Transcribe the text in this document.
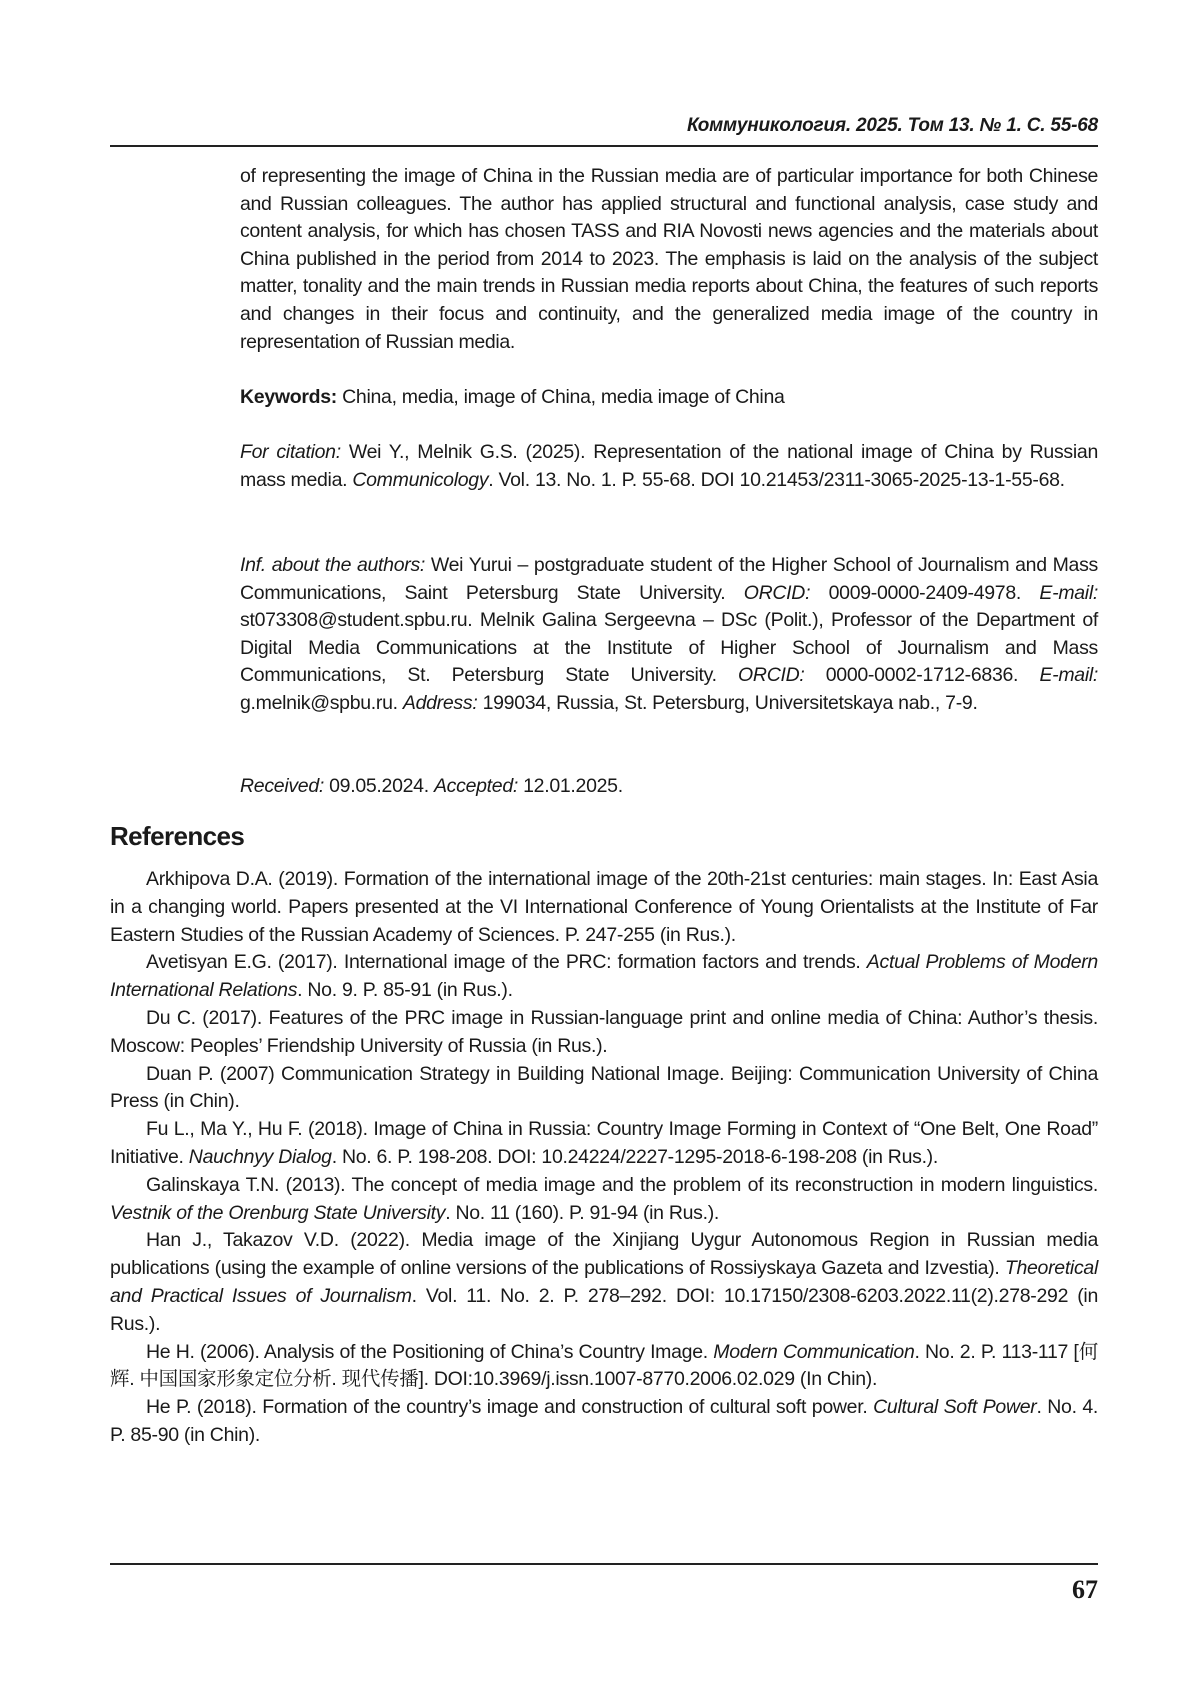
Коммуникология. 2025. Том 13. № 1. С. 55-68

of representing the image of China in the Russian media are of particular importance for both Chinese and Russian colleagues. The author has applied structural and functional analysis, case study and content analysis, for which has chosen TASS and RIA Novosti news agencies and the materials about China published in the period from 2014 to 2023. The emphasis is laid on the analysis of the subject matter, tonality and the main trends in Russian media reports about China, the features of such reports and changes in their focus and continuity, and the generalized media image of the country in representation of Russian media.

Keywords: China, media, image of China, media image of China
For citation: Wei Y., Melnik G.S. (2025). Representation of the national image of China by Russian mass media. Communicology. Vol. 13. No. 1. P. 55-68. DOI 10.21453/2311-3065-2025-13-1-55-68.
Inf. about the authors: Wei Yurui – postgraduate student of the Higher School of Journalism and Mass Communications, Saint Petersburg State University. ORCID: 0009-0000-2409-4978. E-mail: st073308@student.spbu.ru. Melnik Galina Sergeevna – DSc (Polit.), Professor of the Department of Digital Media Communications at the Institute of Higher School of Journalism and Mass Communications, St. Petersburg State University. ORCID: 0000-0002-1712-6836. E-mail: g.melnik@spbu.ru. Address: 199034, Russia, St. Petersburg, Universitetskaya nab., 7-9.
Received: 09.05.2024. Accepted: 12.01.2025.
References

Arkhipova D.A. (2019). Formation of the international image of the 20th-21st centuries: main stages. In: East Asia in a changing world. Papers presented at the VI International Conference of Young Orientalists at the Institute of Far Eastern Studies of the Russian Academy of Sciences. P. 247-255 (in Rus.).

Avetisyan E.G. (2017). International image of the PRC: formation factors and trends. Actual Problems of Modern International Relations. No. 9. P. 85-91 (in Rus.).

Du C. (2017). Features of the PRC image in Russian-language print and online media of China: Author’s thesis. Moscow: Peoples’ Friendship University of Russia (in Rus.).

Duan P. (2007) Communication Strategy in Building National Image. Beijing: Communication University of China Press (in Chin).

Fu L., Ma Y., Hu F. (2018). Image of China in Russia: Country Image Forming in Context of “One Belt, One Road” Initiative. Nauchnyy Dialog. No. 6. P. 198-208. DOI: 10.24224/2227-1295-2018-6-198-208 (in Rus.).

Galinskaya T.N. (2013). The concept of media image and the problem of its reconstruction in modern linguistics. Vestnik of the Orenburg State University. No. 11 (160). P. 91-94 (in Rus.).

Han J., Takazov V.D. (2022). Media image of the Xinjiang Uygur Autonomous Region in Russian media publications (using the example of online versions of the publications of Rossiyskaya Gazeta and Izvestia). Theoretical and Practical Issues of Journalism. Vol. 11. No. 2. P. 278–292. DOI: 10.17150/2308-6203.2022.11(2).278-292 (in Rus.).

He H. (2006). Analysis of the Positioning of China’s Country Image. Modern Communication. No. 2. P. 113-117 [何辉. 中国国家形象定位分析. 现代传播]. DOI:10.3969/j.issn.1007-8770.2006.02.029 (In Chin).

He P. (2018). Formation of the country’s image and construction of cultural soft power. Cultural Soft Power. No. 4. P. 85-90 (in Chin).

67
